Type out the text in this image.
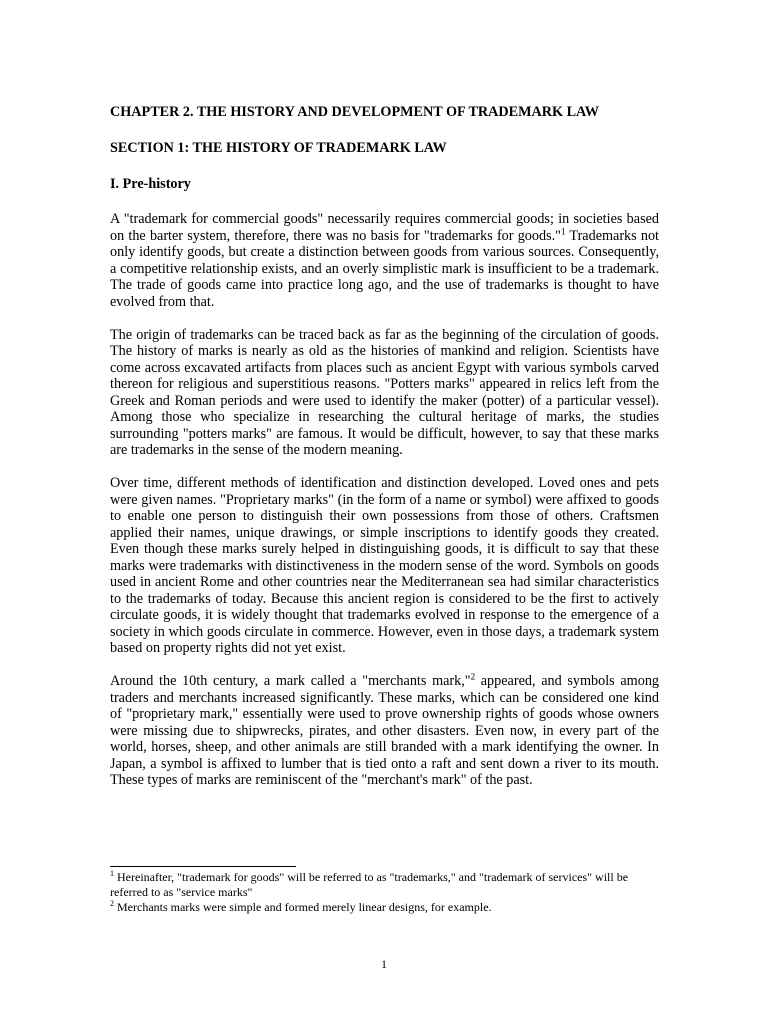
CHAPTER 2. THE HISTORY AND DEVELOPMENT OF TRADEMARK LAW
SECTION 1: THE HISTORY OF TRADEMARK LAW
I. Pre-history

A "trademark for commercial goods" necessarily requires commercial goods; in societies based on the barter system, therefore, there was no basis for "trademarks for goods."$^1$ Trademarks not only identify goods, but create a distinction between goods from various sources. Consequently, a competitive relationship exists, and an overly simplistic mark is insufficient to be a trademark. The trade of goods came into practice long ago, and the use of trademarks is thought to have evolved from that.

The origin of trademarks can be traced back as far as the beginning of the circulation of goods. The history of marks is nearly as old as the histories of mankind and religion. Scientists have come across excavated artifacts from places such as ancient Egypt with various symbols carved thereon for religious and superstitious reasons. "Potters marks" appeared in relics left from the Greek and Roman periods and were used to identify the maker (potter) of a particular vessel). Among those who specialize in researching the cultural heritage of marks, the studies surrounding "potters marks" are famous. It would be difficult, however, to say that these marks are trademarks in the sense of the modern meaning.

Over time, different methods of identification and distinction developed. Loved ones and pets were given names. "Proprietary marks" (in the form of a name or symbol) were affixed to goods to enable one person to distinguish their own possessions from those of others. Craftsmen applied their names, unique drawings, or simple inscriptions to identify goods they created. Even though these marks surely helped in distinguishing goods, it is difficult to say that these marks were trademarks with distinctiveness in the modern sense of the word. Symbols on goods used in ancient Rome and other countries near the Mediterranean sea had similar characteristics to the trademarks of today. Because this ancient region is considered to be the first to actively circulate goods, it is widely thought that trademarks evolved in response to the emergence of a society in which goods circulate in commerce. However, even in those days, a trademark system based on property rights did not yet exist.

Around the 10th century, a mark called a "merchants mark,"$^2$ appeared, and symbols among traders and merchants increased significantly. These marks, which can be considered one kind of "proprietary mark," essentially were used to prove ownership rights of goods whose owners were missing due to shipwrecks, pirates, and other disasters. Even now, in every part of the world, horses, sheep, and other animals are still branded with a mark identifying the owner. In Japan, a symbol is affixed to lumber that is tied onto a raft and sent down a river to its mouth. These types of marks are reminiscent of the "merchant's mark" of the past.

$^1$ Hereinafter, "trademark for goods" will be referred to as "trademarks," and "trademark of services" will be referred to as "service marks"

$^2$ Merchants marks were simple and formed merely linear designs, for example.

1
